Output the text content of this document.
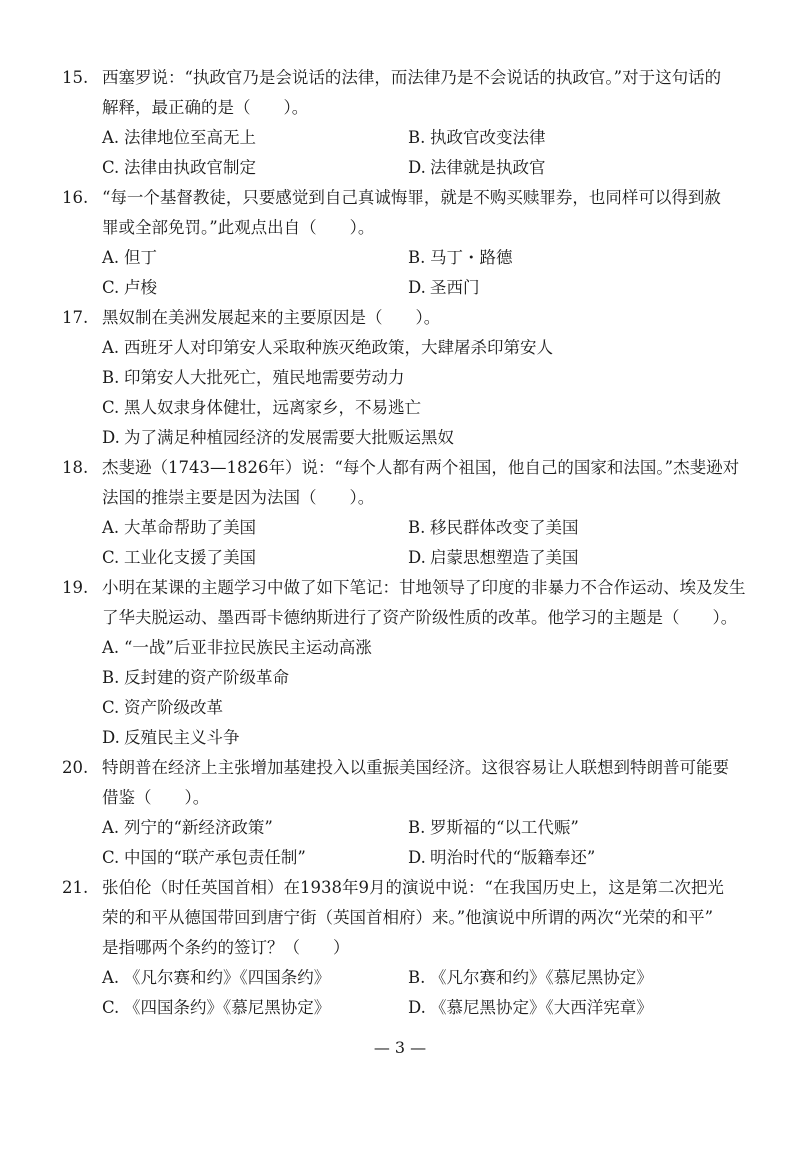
15. 西塞罗说：“执政官乃是会说话的法律，而法律乃是不会说话的执政官。”对于这句话的
解释，最正确的是（　　）。
A. 法律地位至高无上	B. 执政官改变法律
C. 法律由执政官制定	D. 法律就是执政官
16. “每一个基督教徒，只要感觉到自己真诚悔罪，就是不购买赎罪券，也同样可以得到赦
罪或全部免罚。”此观点出自（　　）。
A. 但丁	B. 马丁・路德
C. 卢梭	D. 圣西门
17. 黑奴制在美洲发展起来的主要原因是（　　）。
A. 西班牙人对印第安人采取种族灭绝政策，大肆屠杀印第安人
B. 印第安人大批死亡，殖民地需要劳动力
C. 黑人奴隶身体健壮，远离家乡，不易逃亡
D. 为了满足种植园经济的发展需要大批贩运黑奴
18. 杰斐逊（1743—1826年）说：“每个人都有两个祖国，他自己的国家和法国。”杰斐逊对
法国的推崇主要是因为法国（　　）。
A. 大革命帮助了美国	B. 移民群体改变了美国
C. 工业化支援了美国	D. 启蒙思想塑造了美国
19. 小明在某课的主题学习中做了如下笔记：甘地领导了印度的非暴力不合作运动、埃及发生
了华夫脱运动、墨西哥卡德纳斯进行了资产阶级性质的改革。他学习的主题是（　　）。
A. “一战”后亚非拉民族民主运动高涨
B. 反封建的资产阶级革命
C. 资产阶级改革
D. 反殖民主义斗争
20. 特朗普在经济上主张增加基建投入以重振美国经济。这很容易让人联想到特朗普可能要
借鉴（　　）。
A. 列宁的“新经济政策”	B. 罗斯福的“以工代赈”
C. 中国的“联产承包责任制”	D. 明治时代的“版籍奉还”
21. 张伯伦（时任英国首相）在1938年9月的演说中说：“在我国历史上，这是第二次把光
荣的和平从德国带回到唐宁街（英国首相府）来。”他演说中所谓的两次“光荣的和平”
是指哪两个条约的签订？（　　）
A. 《凡尔赛和约》《四国条约》	B. 《凡尔赛和约》《慕尼黑协定》
C. 《四国条约》《慕尼黑协定》	D. 《慕尼黑协定》《大西洋宪章》
— 3 —
